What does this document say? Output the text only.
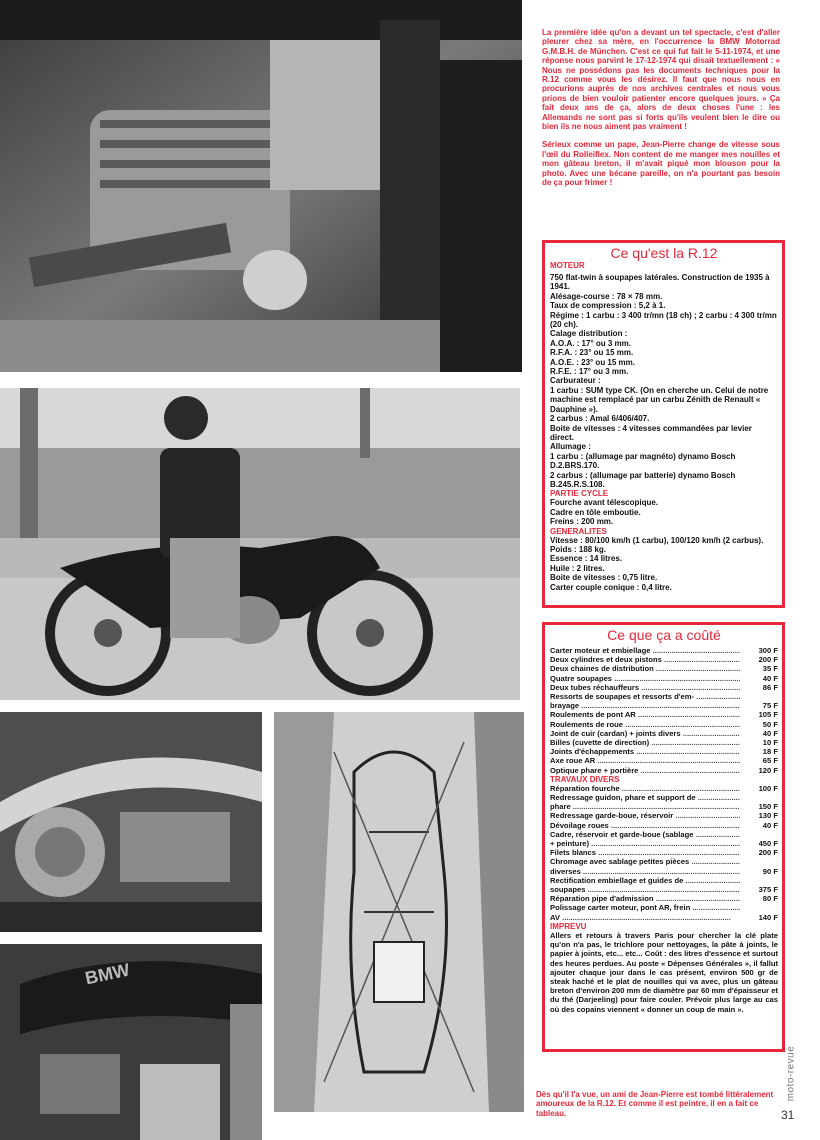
BMW

La première idée qu'on a devant un tel spectacle, c'est d'aller pleurer chez sa mère, en l'occurrence la BMW Motorrad G.M.B.H. de München. C'est ce qui fut fait le 5-11-1974, et une réponse nous parvint le 17-12-1974 qui disait textuellement : « Nous ne possédons pas les documents techniques pour la R.12 comme vous les désirez. Il faut que nous nous en procurions auprès de nos archives centrales et nous vous prions de bien vouloir patienter encore quelques jours. » Ça fait deux ans de ça, alors de deux choses l'une : les Allemands ne sont pas si forts qu'ils veulent bien le dire ou bien ils ne nous aiment pas vraiment !

Sérieux comme un pape, Jean-Pierre change de vitesse sous l'œil du Rolleiflex. Non content de me manger mes nouilles et mon gâteau breton, il m'avait piqué mon blouson pour la photo. Avec une bécane pareille, on n'a pourtant pas besoin de ça pour frimer !

Ce qu'est la R.12
MOTEUR
750 flat-twin à soupapes latérales. Construction de 1935 à 1941.
Alésage-course : 78 × 78 mm.
Taux de compression : 5,2 à 1.
Régime : 1 carbu : 3 400 tr/mn (18 ch) ; 2 carbu : 4 300 tr/mn (20 ch).
Calage distribution :
A.O.A. : 17° ou 3 mm.
R.F.A. : 23° ou 15 mm.
A.O.E. : 23° ou 15 mm.
R.F.E. : 17° ou 3 mm.
Carburateur :
1 carbu : SUM type CK. (On en cherche un. Celui de notre machine est remplacé par un carbu Zénith de Renault « Dauphine »).
2 carbus : Amal 6/406/407.
Boite de vitesses : 4 vitesses commandées par levier direct.
Allumage :
1 carbu : (allumage par magnéto) dynamo Bosch D.2.BRS.170.
2 carbus : (allumage par batterie) dynamo Bosch B.245.R.S.108.
PARTIE CYCLE
Fourche avant télescopique.
Cadre en tôle emboutie.
Freins : 200 mm.
GENERALITES
Vitesse : 80/100 km/h (1 carbu), 100/120 km/h (2 carbus).
Poids : 188 kg.
Essence : 14 litres.
Huile : 2 litres.
Boite de vitesses : 0,75 litre.
Carter couple conique : 0,4 litre.
Ce que ça a coûté
Carter moteur et embiellage .....	300 F
Deux cylindres et deux pistons .....	200 F
Deux chaines de distribution .....	35 F
Quatre soupapes .....	40 F
Deux tubes réchauffeurs .....	86 F
Ressorts de soupapes et ressorts d'em- .....
brayage .....	75 F
Roulements de pont AR .....	105 F
Roulements de roue .....	50 F
Joint de cuir (cardan) + joints divers .....	40 F
Billes (cuvette de direction) .....	10 F
Joints d'échappements .....	18 F
Axe roue AR .....	65 F
Optique phare + portière .....	120 F
TRAVAUX DIVERS
Réparation fourche .....	100 F
Redressage guidon, phare et support de .....
phare .....	150 F
Redressage garde-boue, réservoir .....	130 F
Dévoilage roues .....	40 F
Cadre, réservoir et garde-boue (sablage .....
+ peinture) .....	450 F
Filets blancs .....	200 F
Chromage avec sablage petites pièces .....
diverses .....	90 F
Rectification embiellage et guides de .....
soupapes .....	375 F
Réparation pipe d'admission .....	80 F
Polissage carter moteur, pont AR, frein .....
AV .....	140 F
IMPREVU

Allers et retours à travers Paris pour chercher la clé plate qu'on n'a pas, le trichlore pour nettoyages, la pâte à joints, le papier à joints, etc... etc... Coût : des litres d'essence et surtout des heures perdues. Au poste « Dépenses Générales », il fallut ajouter chaque jour dans le cas présent, environ 500 gr de steak haché et le plat de nouilles qui va avec, plus un gâteau breton d'environ 200 mm de diamètre par 60 mm d'épaisseur et du thé (Darjeeling) pour faire couler. Prévoir plus large au cas où des copains viennent « donner un coup de main ».

Dès qu'il l'a vue, un ami de Jean-Pierre est tombé littéralement amoureux de la R.12. Et comme il est peintre, il en a fait ce tableau.

moto-revue
31
